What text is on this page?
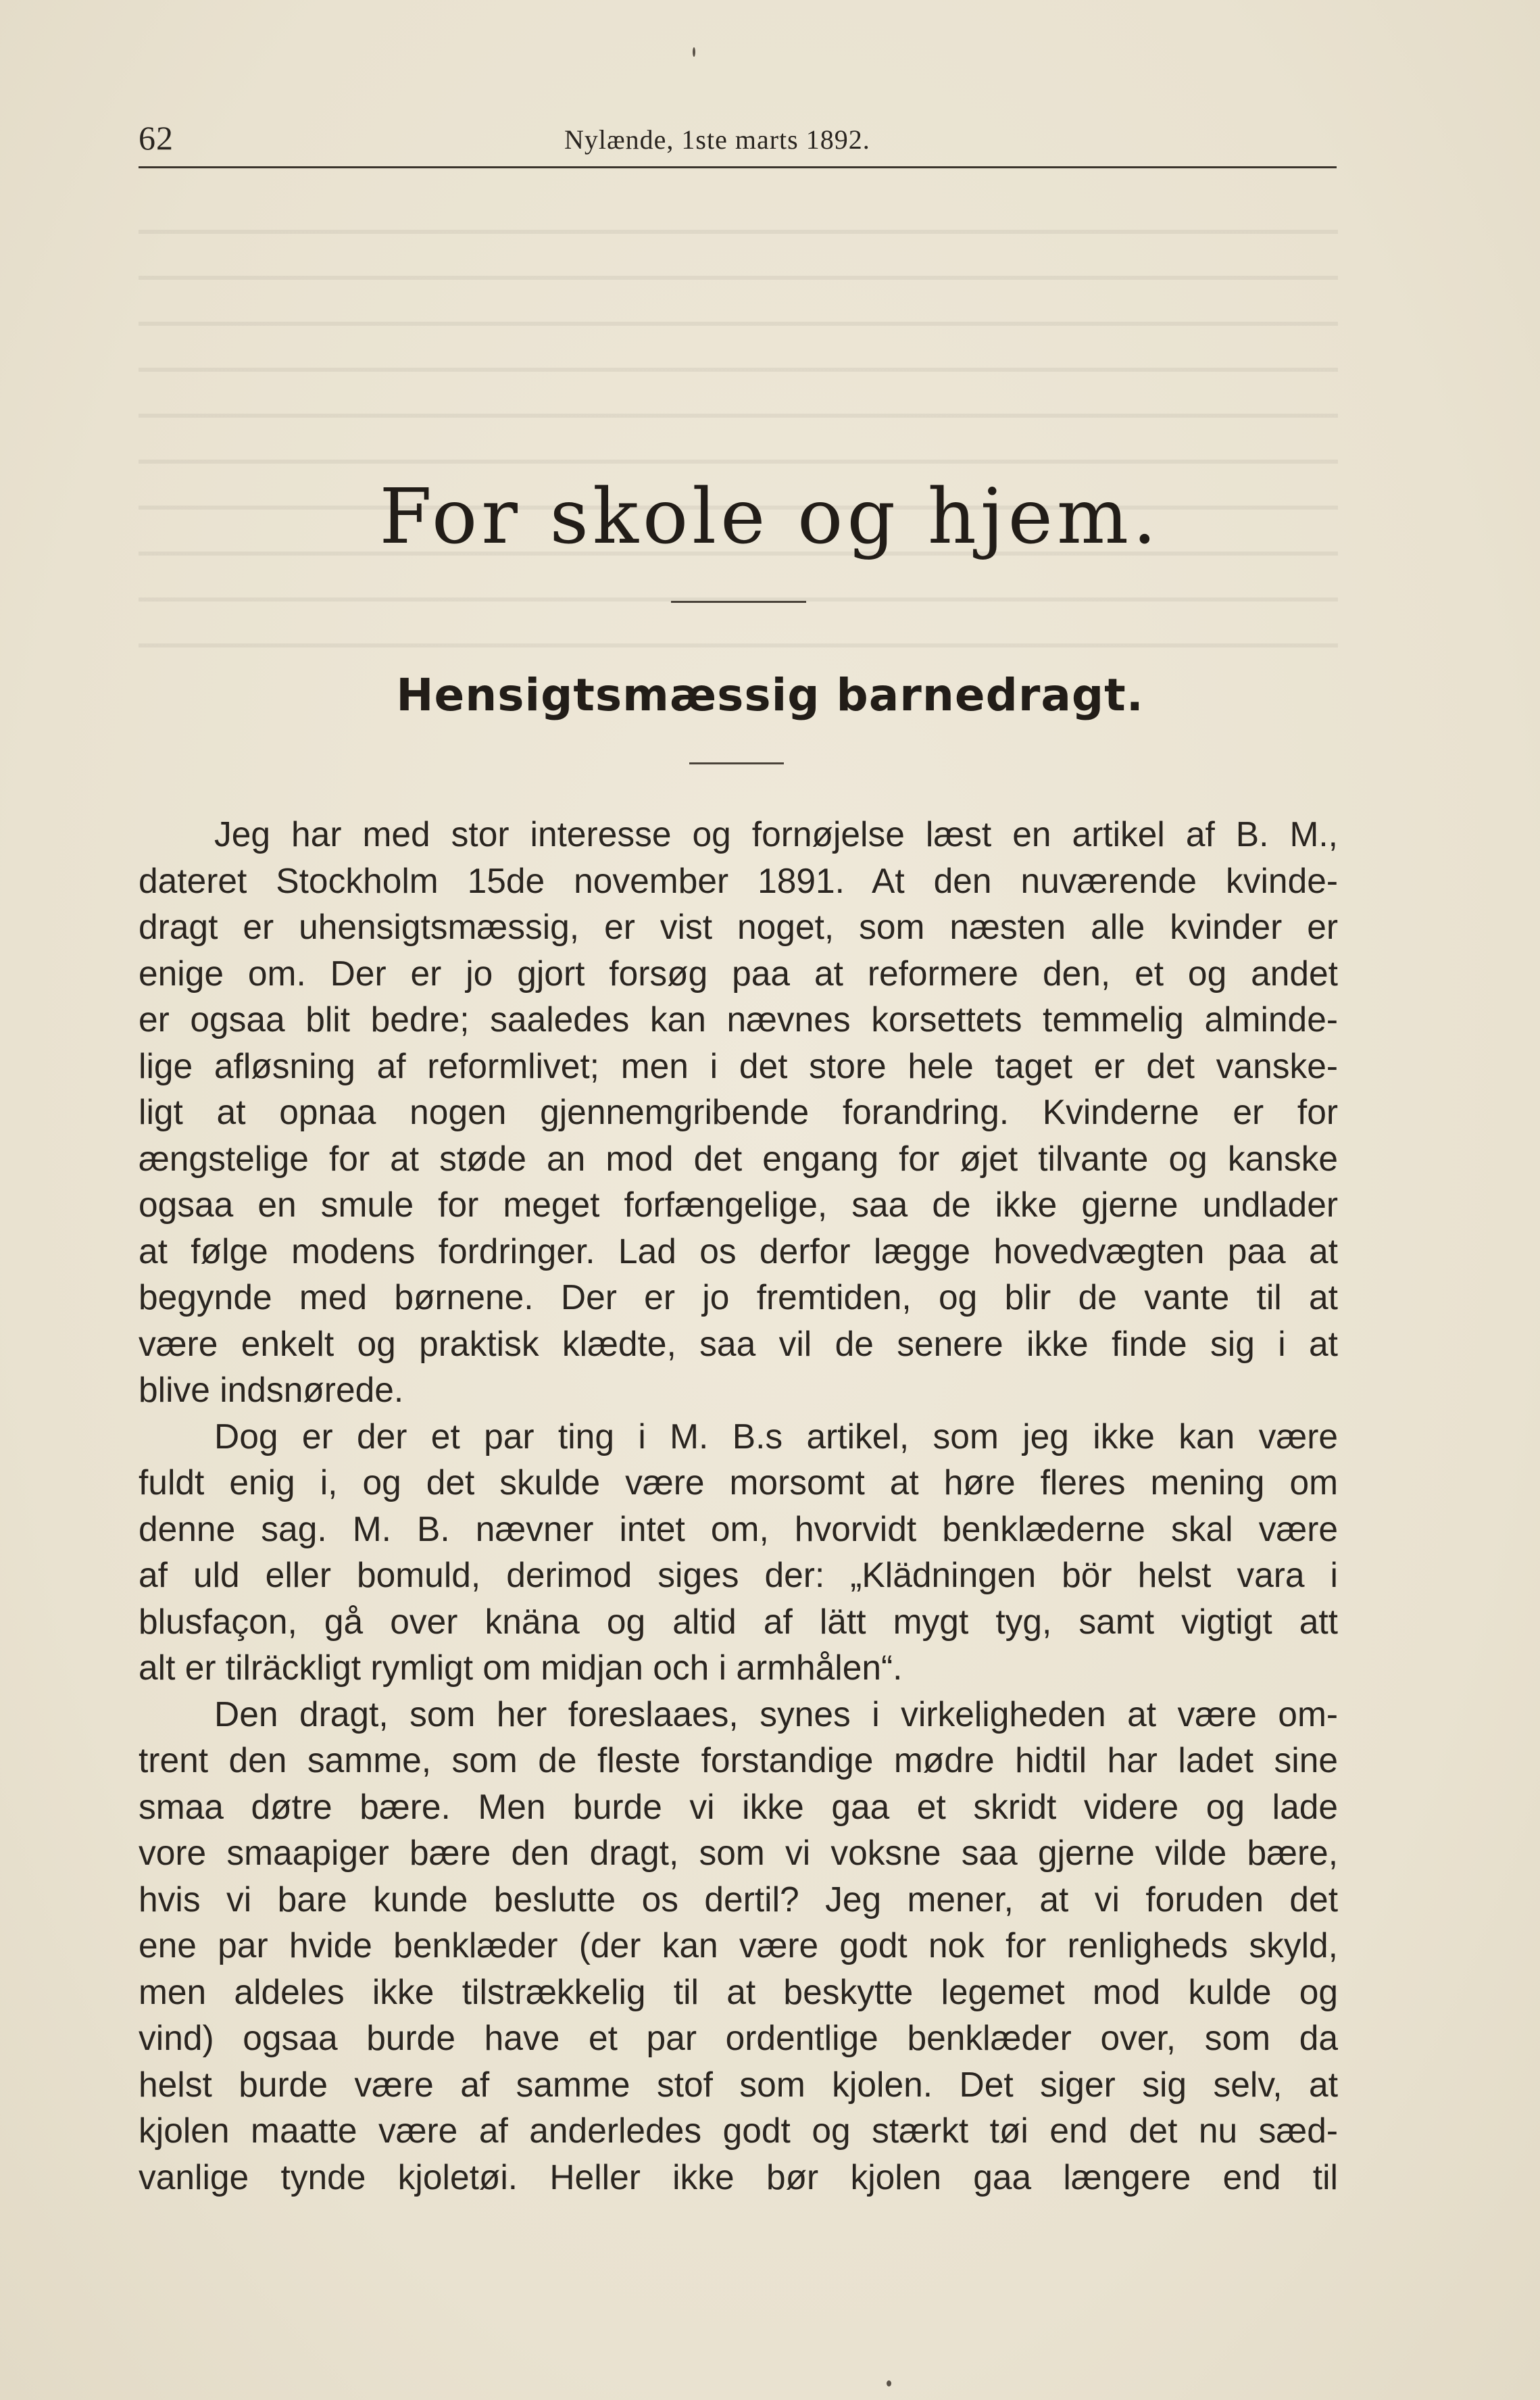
62	Nylænde, 1ste marts 1892.
For skole og hjem.
Hensigtsmæssig barnedragt.
Jeg har med stor interesse og fornøjelse læst en artikel af B. M.,
dateret Stockholm 15de november 1891. At den nuværende kvinde-
dragt er uhensigtsmæssig, er vist noget, som næsten alle kvinder er
enige om. Der er jo gjort forsøg paa at reformere den, et og andet
er ogsaa blit bedre; saaledes kan nævnes korsettets temmelig alminde-
lige afløsning af reformlivet; men i det store hele taget er det vanske-
ligt at opnaa nogen gjennemgribende forandring. Kvinderne er for
ængstelige for at støde an mod det engang for øjet tilvante og kanske
ogsaa en smule for meget forfængelige, saa de ikke gjerne undlader
at følge modens fordringer. Lad os derfor lægge hovedvægten paa at
begynde med børnene. Der er jo fremtiden, og blir de vante til at
være enkelt og praktisk klædte, saa vil de senere ikke finde sig i at
blive indsnørede.
Dog er der et par ting i M. B.s artikel, som jeg ikke kan være
fuldt enig i, og det skulde være morsomt at høre fleres mening om
denne sag. M. B. nævner intet om, hvorvidt benklæderne skal være
af uld eller bomuld, derimod siges der: „Klädningen bör helst vara i
blusfaçon, gå over knäna og altid af lätt mygt tyg, samt vigtigt att
alt er tilräckligt rymligt om midjan och i armhålen“.
Den dragt, som her foreslaaes, synes i virkeligheden at være om-
trent den samme, som de fleste forstandige mødre hidtil har ladet sine
smaa døtre bære. Men burde vi ikke gaa et skridt videre og lade
vore smaapiger bære den dragt, som vi voksne saa gjerne vilde bære,
hvis vi bare kunde beslutte os dertil? Jeg mener, at vi foruden det
ene par hvide benklæder (der kan være godt nok for renligheds skyld,
men aldeles ikke tilstrækkelig til at beskytte legemet mod kulde og
vind) ogsaa burde have et par ordentlige benklæder over, som da
helst burde være af samme stof som kjolen. Det siger sig selv, at
kjolen maatte være af anderledes godt og stærkt tøi end det nu sæd-
vanlige tynde kjoletøi. Heller ikke bør kjolen gaa længere end til
